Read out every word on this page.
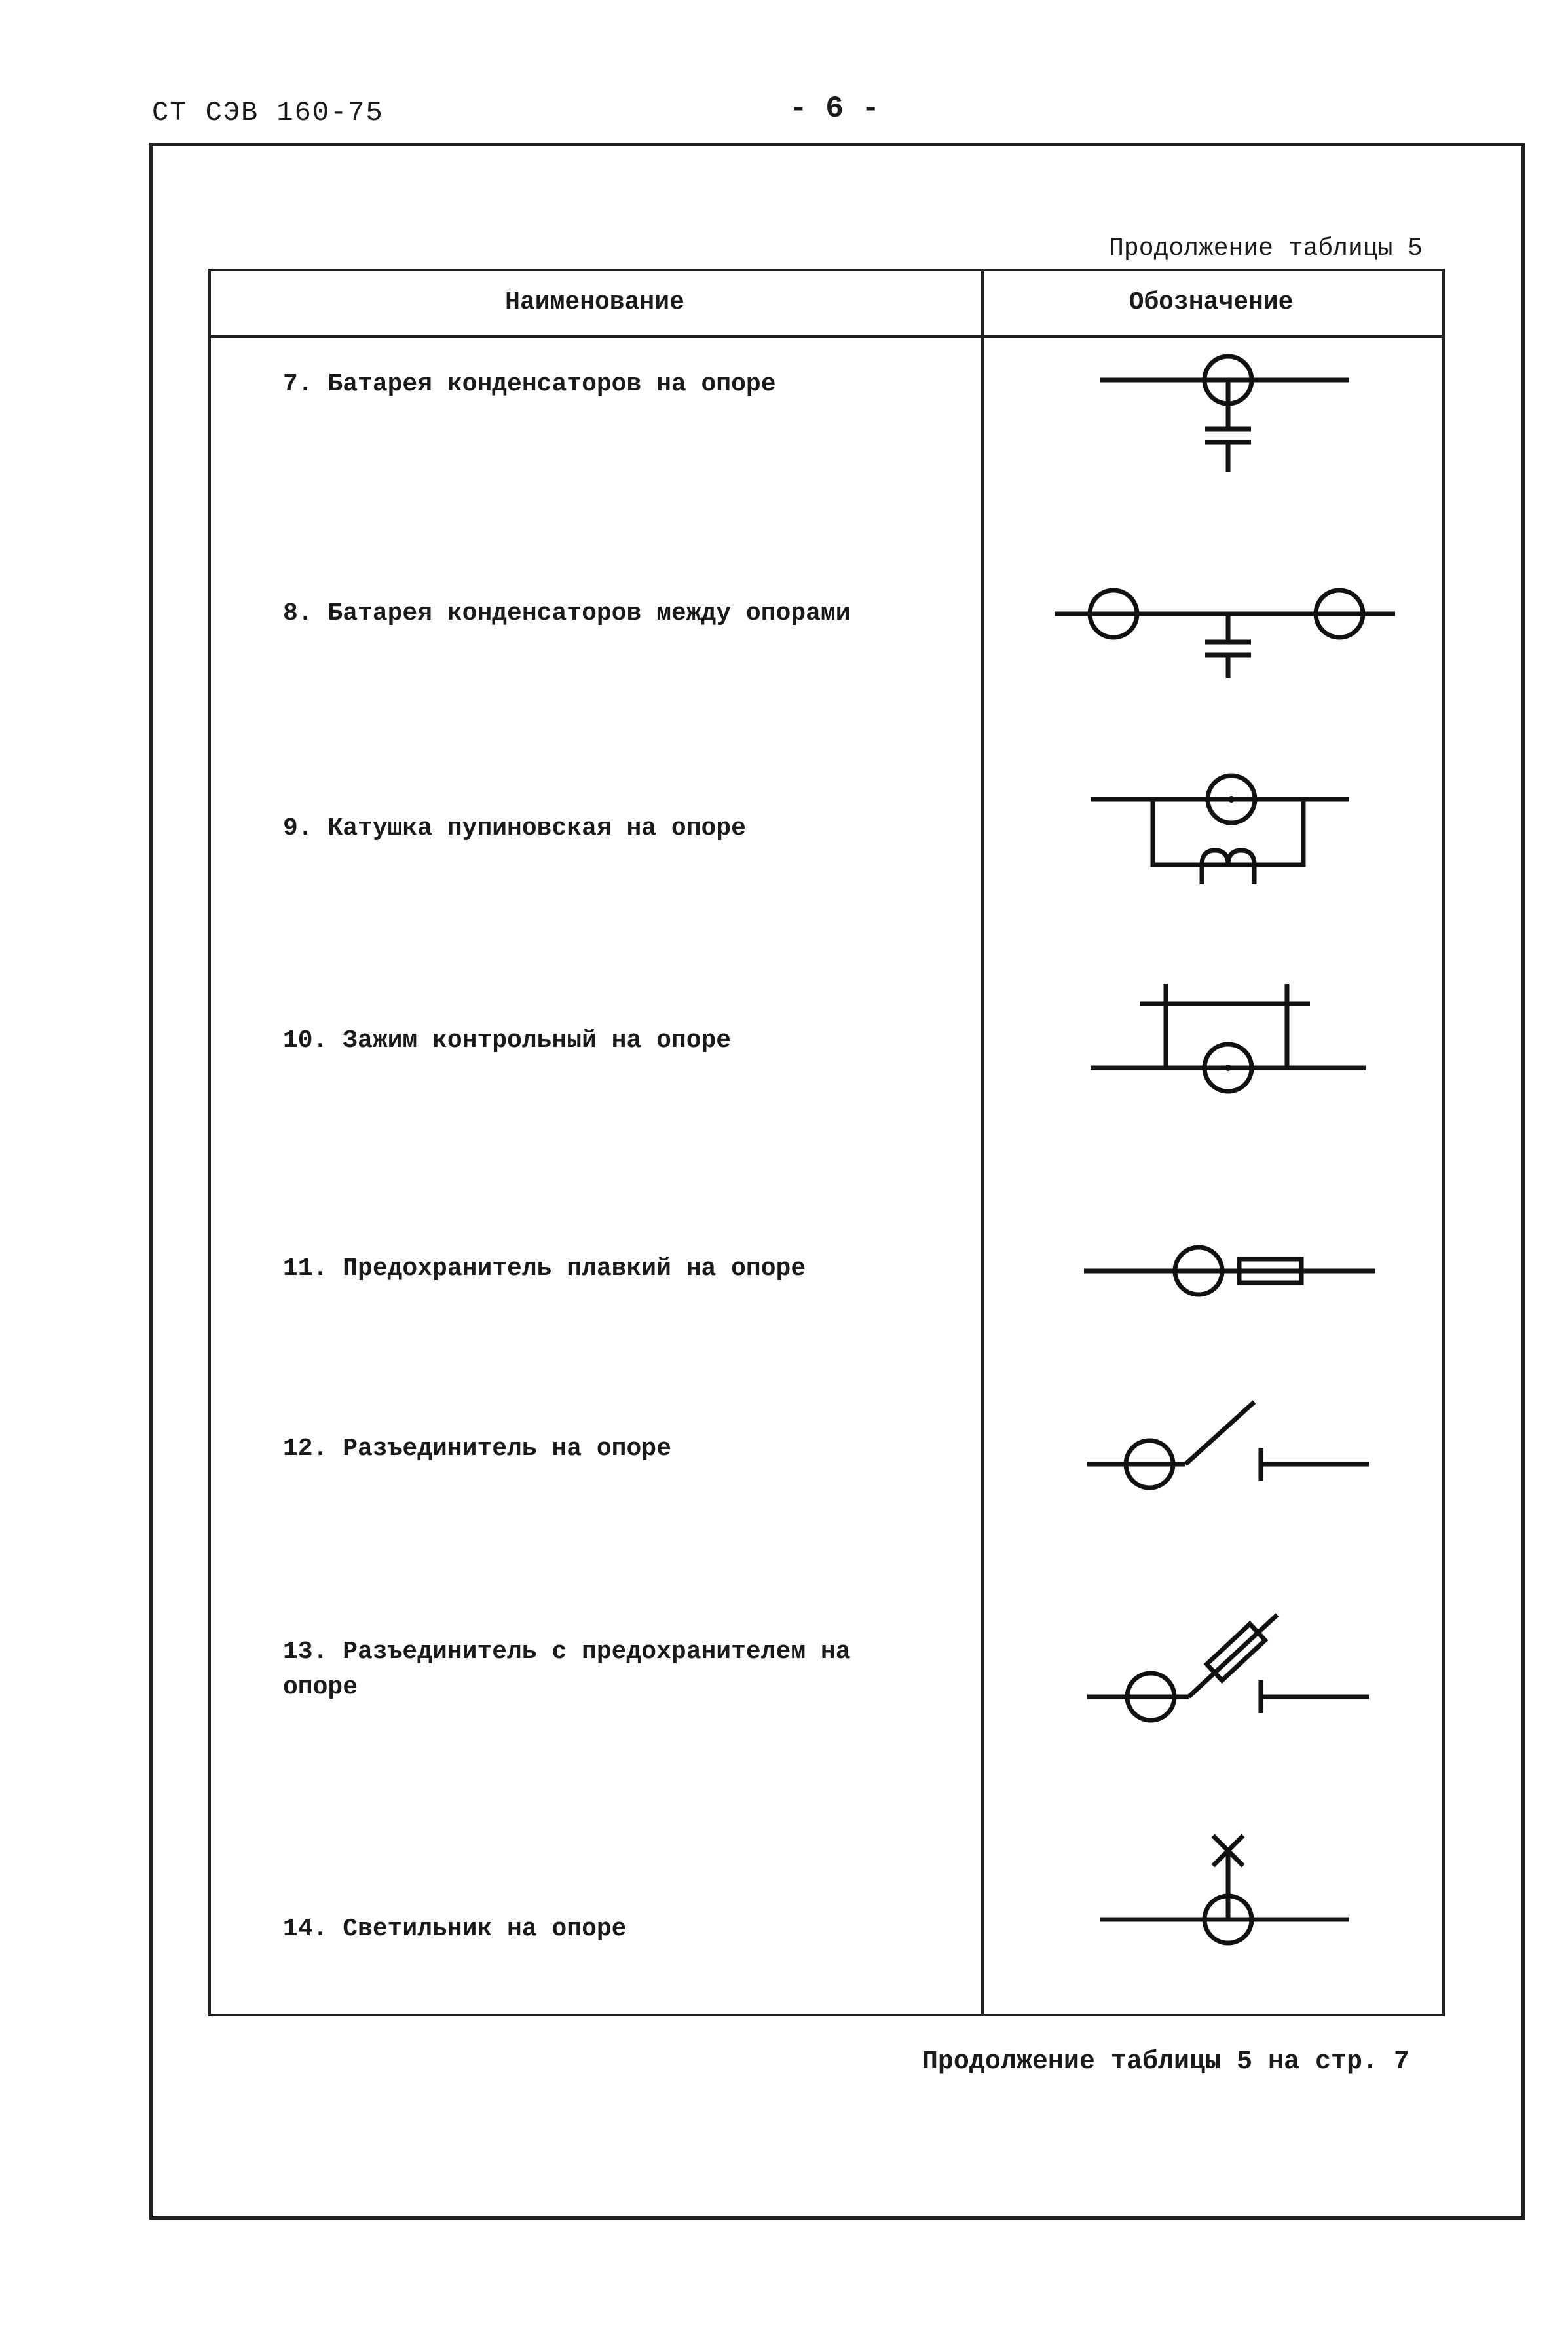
СТ СЭВ 160-75	- 6 -
Продолжение таблицы 5
Наименование	Обозначение
7. Батарея конденсаторов на опоре
8. Батарея конденсаторов между опорами
9. Катушка пупиновская на опоре
10. Зажим контрольный на опоре
11. Предохранитель плавкий на опоре
12. Разъединитель на опоре
13. Разъединитель с предохранителем на опоре
14. Светильник на опоре
Продолжение таблицы 5 на стр. 7
